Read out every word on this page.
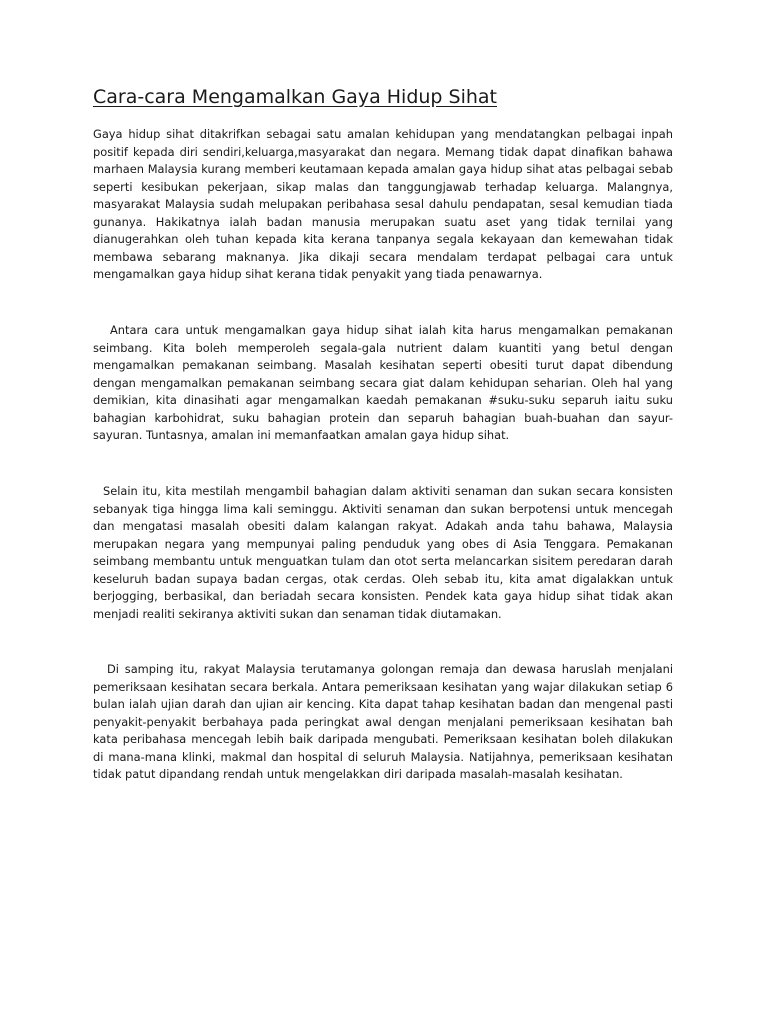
Cara-cara Mengamalkan Gaya Hidup Sihat

Gaya hidup sihat ditakrifkan sebagai satu amalan kehidupan yang mendatangkan pelbagai inpah positif kepada diri sendiri,keluarga,masyarakat dan negara. Memang tidak dapat dinafikan bahawa marhaen Malaysia kurang memberi keutamaan kepada amalan gaya hidup sihat atas pelbagai sebab seperti kesibukan pekerjaan, sikap malas dan tanggungjawab terhadap keluarga. Malangnya, masyarakat Malaysia sudah melupakan peribahasa sesal dahulu pendapatan, sesal kemudian tiada gunanya. Hakikatnya ialah badan manusia merupakan suatu aset yang tidak ternilai yang dianugerahkan oleh tuhan kepada kita kerana tanpanya segala kekayaan dan kemewahan tidak membawa sebarang maknanya. Jika dikaji secara mendalam terdapat pelbagai cara untuk mengamalkan gaya hidup sihat kerana tidak penyakit yang tiada penawarnya.

Antara cara untuk mengamalkan gaya hidup sihat ialah kita harus mengamalkan pemakanan seimbang. Kita boleh memperoleh segala-gala nutrient dalam kuantiti yang betul dengan mengamalkan pemakanan seimbang. Masalah kesihatan seperti obesiti turut dapat dibendung dengan mengamalkan pemakanan seimbang secara giat dalam kehidupan seharian. Oleh hal yang demikian, kita dinasihati agar mengamalkan kaedah pemakanan #suku-suku separuh iaitu suku bahagian karbohidrat, suku bahagian protein dan separuh bahagian buah-buahan dan sayur-sayuran. Tuntasnya, amalan ini memanfaatkan amalan gaya hidup sihat.

Selain itu, kita mestilah mengambil bahagian dalam aktiviti senaman dan sukan secara konsisten sebanyak tiga hingga lima kali seminggu. Aktiviti senaman dan sukan berpotensi untuk mencegah dan mengatasi masalah obesiti dalam kalangan rakyat. Adakah anda tahu bahawa, Malaysia merupakan negara yang mempunyai paling penduduk yang obes di Asia Tenggara. Pemakanan seimbang membantu untuk menguatkan tulam dan otot serta melancarkan sisitem peredaran darah keseluruh badan supaya badan cergas, otak cerdas. Oleh sebab itu, kita amat digalakkan untuk berjogging, berbasikal, dan beriadah secara konsisten. Pendek kata gaya hidup sihat tidak akan menjadi realiti sekiranya aktiviti sukan dan senaman tidak diutamakan.

Di samping itu, rakyat Malaysia terutamanya golongan remaja dan dewasa haruslah menjalani pemeriksaan kesihatan secara berkala. Antara pemeriksaan kesihatan yang wajar dilakukan setiap 6 bulan ialah ujian darah dan ujian air kencing. Kita dapat tahap kesihatan badan dan mengenal pasti penyakit-penyakit berbahaya pada peringkat awal dengan menjalani pemeriksaan kesihatan bah kata peribahasa mencegah lebih baik daripada mengubati. Pemeriksaan kesihatan boleh dilakukan di mana-mana klinki, makmal dan hospital di seluruh Malaysia. Natijahnya, pemeriksaan kesihatan tidak patut dipandang rendah untuk mengelakkan diri daripada masalah-masalah kesihatan.
